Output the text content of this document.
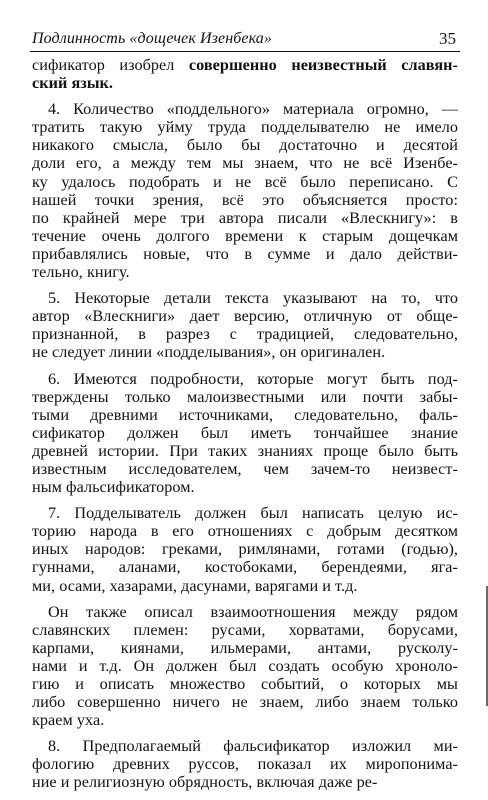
Подлинность «дощечек Изенбека»	35
сификатор изобрел совершенно неизвестный славян-
ский язык.
4. Количество «поддельного» материала огромно, —
тратить такую уйму труда подделывателю не имело
никакого смысла, было бы достаточно и десятой
доли его, а между тем мы знаем, что не всё Изенбе-
ку удалось подобрать и не всё было переписано. С
нашей точки зрения, всё это объясняется просто:
по крайней мере три автора писали «Влескнигу»: в
течение очень долгого времени к старым дощечкам
прибавлялись новые, что в сумме и дало действи-
тельно, книгу.
5. Некоторые детали текста указывают на то, что
автор «Влескниги» дает версию, отличную от обще-
признанной, в разрез с традицией, следовательно,
не следует линии «подделывания», он оригинален.
6. Имеются подробности, которые могут быть под-
тверждены только малоизвестными или почти забы-
тыми древними источниками, следовательно, фаль-
сификатор должен был иметь тончайшее знание
древней истории. При таких знаниях проще было быть
известным исследователем, чем зачем-то неизвест-
ным фальсификатором.
7. Подделыватель должен был написать целую ис-
торию народа в его отношениях с добрым десятком
иных народов: греками, римлянами, готами (годью),
гуннами, аланами, костобоками, берендеями, яга-
ми, осами, хазарами, дасунами, варягами и т.д.
Он также описал взаимоотношения между рядом
славянских племен: русами, хорватами, борусами,
карпами, киянами, ильмерами, антами, русколу-
нами и т.д. Он должен был создать особую хроноло-
гию и описать множество событий, о которых мы
либо совершенно ничего не знаем, либо знаем только
краем уха.
8. Предполагаемый фальсификатор изложил ми-
фологию древних руссов, показал их миропонима-
ние и религиозную обрядность, включая даже ре-
